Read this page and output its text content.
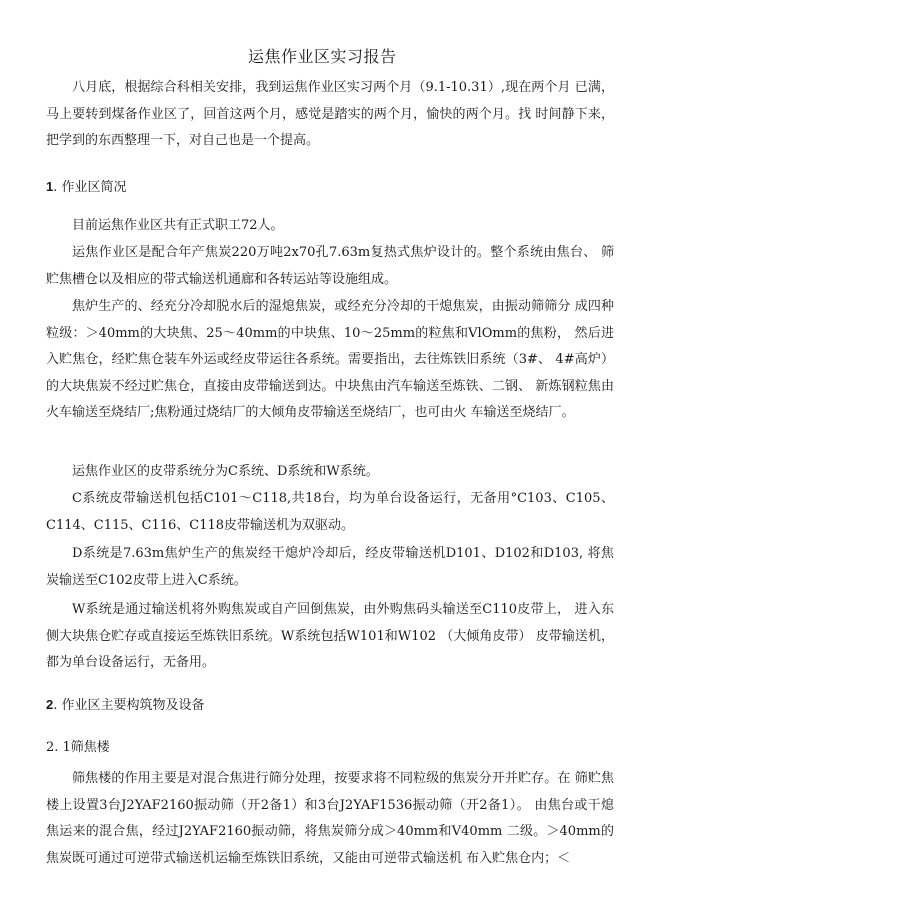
运焦作业区实习报告

八月底，根据综合科相关安排，我到运焦作业区实习两个月（9.1-10.31）,现在两个月 已满，马上要转到煤备作业区了，回首这两个月，感觉是踏实的两个月，愉快的两个月。找 时间静下来，把学到的东西整理一下，对自己也是一个提高。

1. 作业区简况

目前运焦作业区共有正式职工72人。

运焦作业区是配合年产焦炭220万吨2x70孔7.63m复热式焦炉设计的。整个系统由焦台、 筛贮焦槽仓以及相应的带式输送机通廊和各转运站等设施组成。

焦炉生产的、经充分冷却脱水后的湿熄焦炭，或经充分冷却的干熄焦炭，由振动筛筛分 成四种粒级：＞40mm的大块焦、25～40mm的中块焦、10～25mm的粒焦和VlOmm的焦粉， 然后进入贮焦仓，经贮焦仓装车外运或经皮带运往各系统。需要指出，去往炼铁旧系统（3#、 4#高炉）的大块焦炭不经过贮焦仓，直接由皮带输送到达。中块焦由汽车输送至炼铁、二钢、 新炼钢粒焦由火车输送至烧结厂;焦粉通过烧结厂的大倾角皮带输送至烧结厂，也可由火 车输送至烧结厂。

运焦作业区的皮带系统分为C系统、D系统和W系统。

C系统皮带输送机包括C101～C118,共18台，均为单台设备运行，无备用°C103、C105、 C114、C115、C116、C118皮带输送机为双驱动。

D系统是7.63m焦炉生产的焦炭经干熄炉冷却后，经皮带输送机D101、D102和D103, 将焦炭输送至C102皮带上进入C系统。

W系统是通过输送机将外购焦炭或自产回倒焦炭，由外购焦码头输送至C110皮带上， 进入东侧大块焦仓贮存或直接运至炼铁旧系统。W系统包括W101和W102 （大倾角皮带） 皮带输送机，都为单台设备运行，无备用。

2. 作业区主要构筑物及设备
2. 1筛焦楼

筛焦楼的作用主要是对混合焦进行筛分处理，按要求将不同粒级的焦炭分开并贮存。在 筛贮焦楼上设置3台J2YAF2160振动筛（开2备1）和3台J2YAF1536振动筛（开2备1）。 由焦台或干熄焦运来的混合焦，经过J2YAF2160振动筛，将焦炭筛分成＞40mm和V40mm 二级。＞40mm的焦炭既可通过可逆带式输送机运输至炼铁旧系统，又能由可逆带式输送机 布入贮焦仓内；＜
